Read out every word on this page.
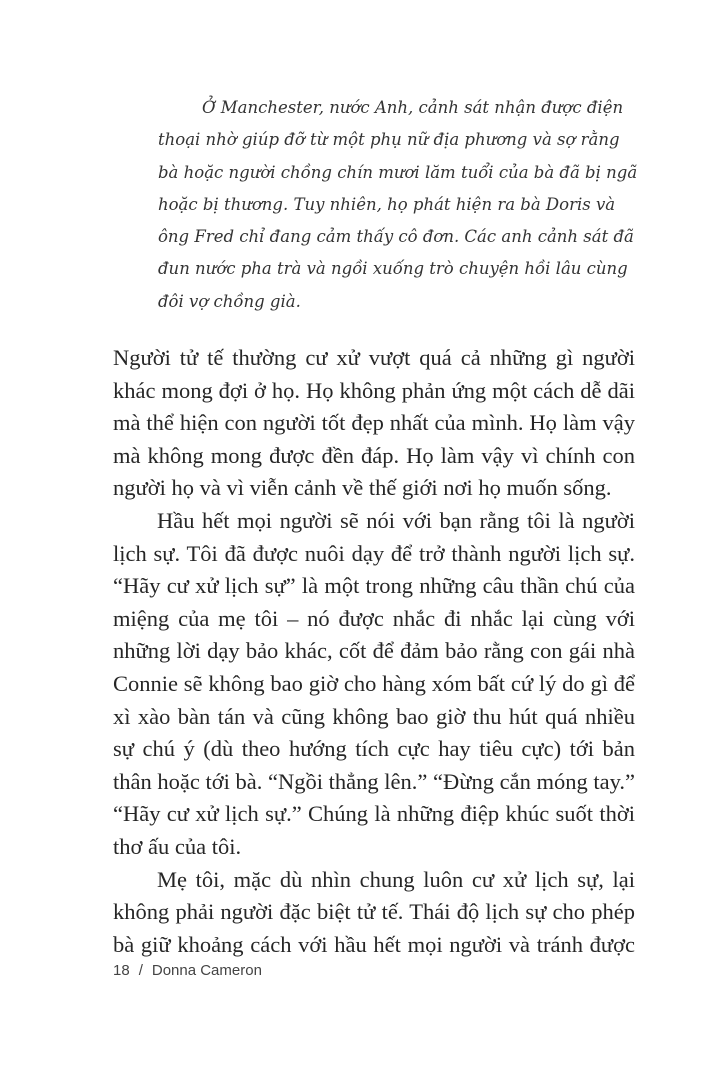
Ở Manchester, nước Anh, cảnh sát nhận được điện
thoại nhờ giúp đỡ từ một phụ nữ địa phương và sợ rằng
bà hoặc người chồng chín mươi lăm tuổi của bà đã bị ngã
hoặc bị thương. Tuy nhiên, họ phát hiện ra bà Doris và
ông Fred chỉ đang cảm thấy cô đơn. Các anh cảnh sát đã
đun nước pha trà và ngồi xuống trò chuyện hồi lâu cùng
đôi vợ chồng già.
Người tử tế thường cư xử vượt quá cả những gì người
khác mong đợi ở họ. Họ không phản ứng một cách dễ dãi
mà thể hiện con người tốt đẹp nhất của mình. Họ làm vậy
mà không mong được đền đáp. Họ làm vậy vì chính con
người họ và vì viễn cảnh về thế giới nơi họ muốn sống.
Hầu hết mọi người sẽ nói với bạn rằng tôi là người
lịch sự. Tôi đã được nuôi dạy để trở thành người lịch sự.
“Hãy cư xử lịch sự” là một trong những câu thần chú của
miệng của mẹ tôi – nó được nhắc đi nhắc lại cùng với
những lời dạy bảo khác, cốt để đảm bảo rằng con gái nhà
Connie sẽ không bao giờ cho hàng xóm bất cứ lý do gì để
xì xào bàn tán và cũng không bao giờ thu hút quá nhiều
sự chú ý (dù theo hướng tích cực hay tiêu cực) tới bản
thân hoặc tới bà. “Ngồi thẳng lên.” “Đừng cắn móng tay.”
“Hãy cư xử lịch sự.” Chúng là những điệp khúc suốt thời
thơ ấu của tôi.
Mẹ tôi, mặc dù nhìn chung luôn cư xử lịch sự, lại
không phải người đặc biệt tử tế. Thái độ lịch sự cho phép
bà giữ khoảng cách với hầu hết mọi người và tránh được
18 / Donna Cameron
